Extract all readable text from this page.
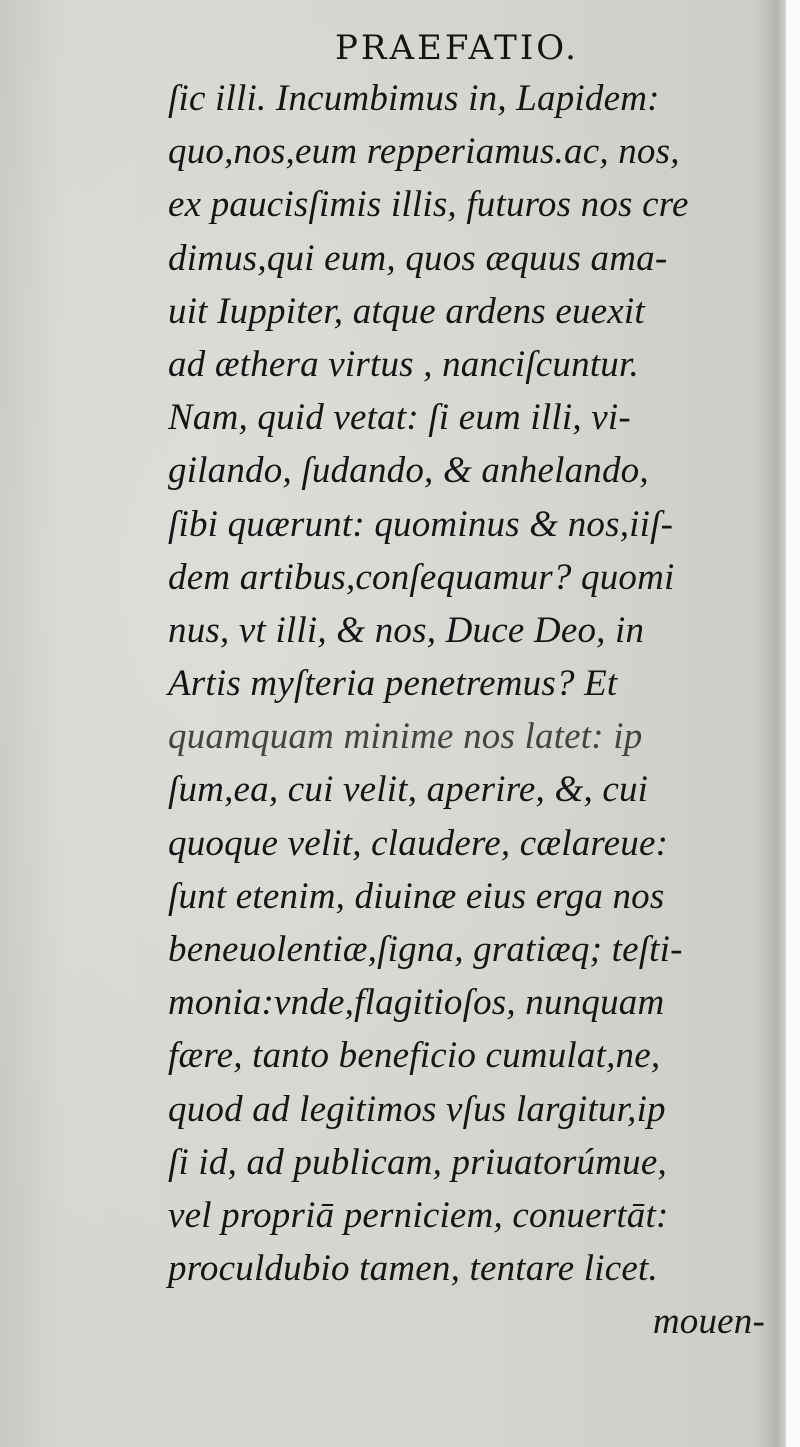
PRAEFATIO.
ſic illi. Incumbimus in, Lapidem:
quo,nos,eum repperiamus.ac, nos,
ex paucisſimis illis, futuros nos cre
dimus,qui eum, quos æquus ama-
uit Iuppiter, atque ardens euexit
ad æthera virtus , nanciſcuntur.
Nam, quid vetat: ſi eum illi, vi-
gilando, ſudando, & anhelando,
ſibi quærunt: quominus & nos,iiſ-
dem artibus,conſequamur? quomi
nus, vt illi, & nos, Duce Deo, in
Artis myſteria penetremus? Et
quamquam minime nos latet: ip
ſum,ea, cui velit, aperire, &, cui
quoque velit, claudere, cælareue:
ſunt etenim, diuinæ eius erga nos
beneuolentiæ,ſigna, gratiæq; teſti-
monia:vnde,flagitioſos, nunquam
fære, tanto beneficio cumulat,ne,
quod ad legitimos vſus largitur,ip
ſi id, ad publicam, priuatorúmue,
vel propriā perniciem, conuertāt:
proculdubio tamen, tentare licet.
mouen-
